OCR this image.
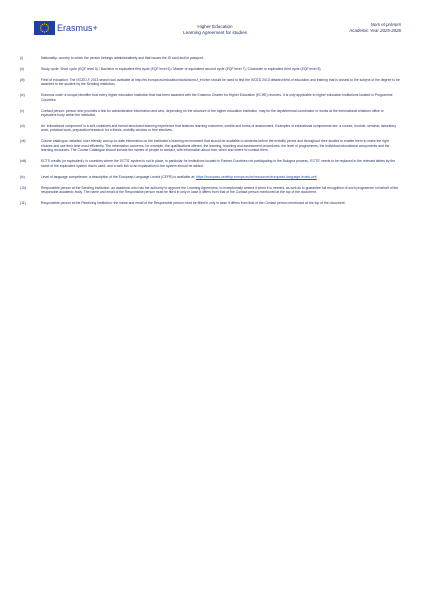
Erasmus+	Higher Education
Learning Agreement for studies
Nom et prénom
Academic Year 2025-2026
(i)	Nationality: country to which the person belongs administratively and that issues the ID card and/or passport.
(ii)	Study cycle: Short cycle (EQF level 5) / Bachelor or equivalent first cycle (EQF level 6) / Master or equivalent second cycle (EQF level 7) / Doctorate or equivalent third cycle (EQF level 8).
(iii)	Field of education: The ISCED-F 2013 search tool available at http://ec.europa.eu/education/tools/isced-f_en.htm should be used to find the ISCED 2013 detailed field of education and training that is closest to the subject of the degree to be awarded to the student by the Sending Institution.
(iv)	Erasmus code: a unique identifier that every higher education institution that has been awarded with the Erasmus Charter for Higher Education (ECHE) receives. It is only applicable to higher education institutions located in Programme Countries.
(v)	Contact person: person who provides a link for administrative information and who, depending on the structure of the higher education institution, may be the departmental coordinator or works at the international relations office or equivalent body within the institution.
(vi)	An 'educational component' is a self-contained and formal structured learning experience that features learning outcomes, credits and forms of assessment. Examples of educational components are: a course, module, seminar, laboratory work, practical work, preparation/research for a thesis, mobility window or free electives.
(vii)	Course catalogue: detailed, user-friendly and up-to-date information on the institution's learning environment that should be available to students before the mobility period and throughout their studies to enable them to make the right choices and use their time most efficiently. The information concerns, for example, the qualifications offered, the learning, teaching and assessment procedures, the level of programmes, the individual educational components and the learning resources. The Course Catalogue should include the names of people to contact, with information about how, when and where to contact them.
(viii)	ECTS credits (or equivalent): in countries where the 'ECTS' system is not in place, in particular for institutions located in Partner Countries not participating in the Bologna process, 'ECTS' needs to be replaced in the relevant tables by the name of the equivalent system that is used, and a web link to an explanation to the system should be added.
(ix)	Level of language competence: a description of the European Language Levels (CEFR) is available at: https://europass.cedefop.europa.eu/en/resources/european-language-levels-cefr
(10)	Responsible person at the Sending Institution: an academic who has the authority to approve the Learning Agreement, to exceptionally amend it when it is needed, as well as to guarantee full recognition of such programme on behalf of the responsible academic body. The name and email of the Responsible person must be filled in only in case it differs from that of the Contact person mentioned at the top of the document.
(11)	Responsible person at the Receiving Institution: the name and email of the Responsible person must be filled in only in case it differs from that of the Contact person mentioned at the top of the document.
